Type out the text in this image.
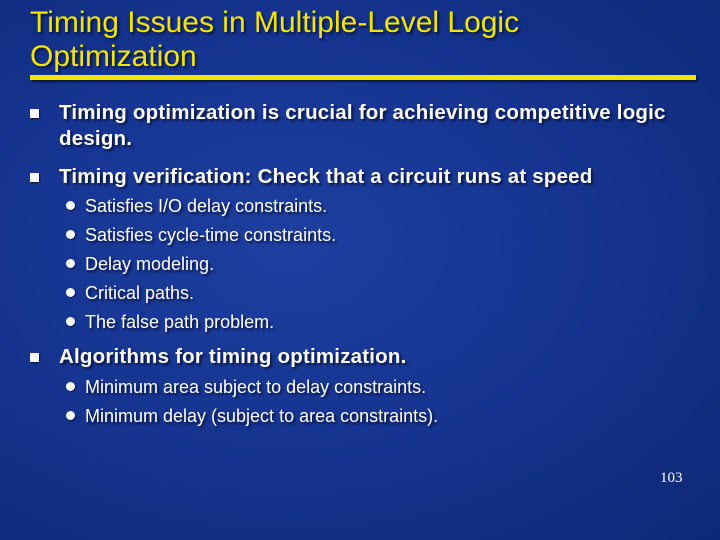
Timing Issues in Multiple-Level Logic Optimization
Timing optimization is crucial for achieving competitive logic design.
Timing verification: Check that a circuit runs at speed
Satisfies I/O delay constraints.
Satisfies cycle-time constraints.
Delay modeling.
Critical paths.
The false path problem.
Algorithms for timing optimization.
Minimum area subject to delay constraints.
Minimum delay (subject to area constraints).
103
